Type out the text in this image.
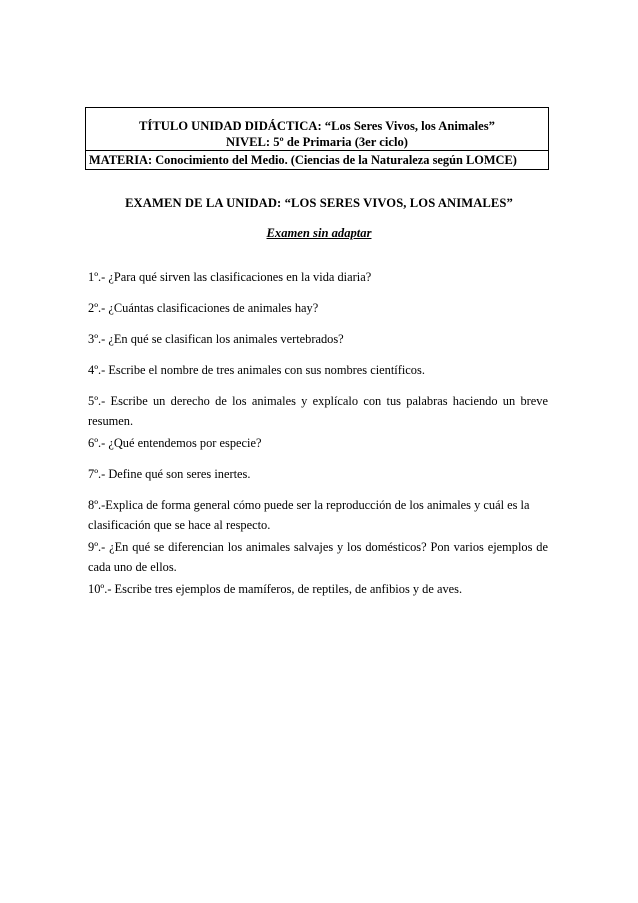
TÍTULO UNIDAD DIDÁCTICA: “Los Seres Vivos, los Animales”
NIVEL: 5º de Primaria (3er ciclo)
MATERIA: Conocimiento del Medio. (Ciencias de la Naturaleza según LOMCE)
EXAMEN DE LA UNIDAD: “LOS SERES VIVOS, LOS ANIMALES”
Examen sin adaptar
1º.- ¿Para qué sirven las clasificaciones en la vida diaria?
2º.- ¿Cuántas clasificaciones de animales hay?
3º.- ¿En qué se clasifican los animales vertebrados?
4º.- Escribe el nombre de tres animales con sus nombres científicos.
5º.- Escribe un derecho de los animales y explícalo con tus palabras haciendo un breve resumen.
6º.- ¿Qué entendemos por especie?
7º.- Define qué son seres inertes.
8º.-Explica de forma general cómo puede ser la reproducción de los animales y cuál es la clasificación que se hace al respecto.
9º.- ¿En qué se diferencian los animales salvajes y los domésticos? Pon varios ejemplos de cada uno de ellos.
10º.- Escribe tres ejemplos de mamíferos, de reptiles, de anfibios y de aves.
